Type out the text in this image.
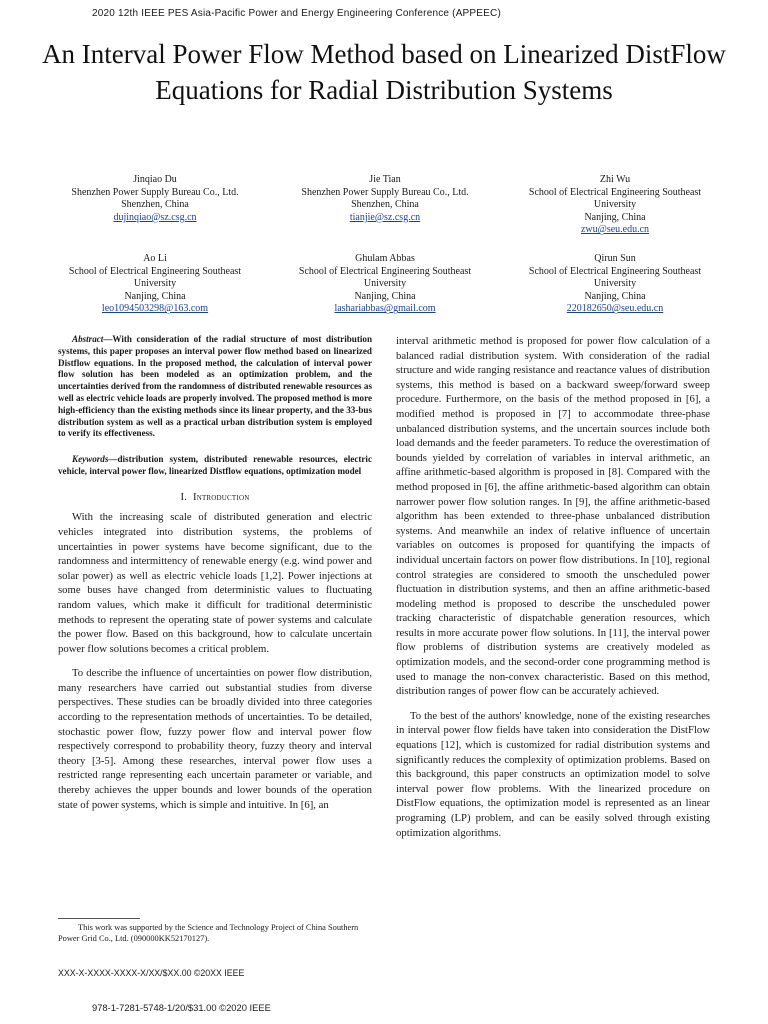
2020 12th IEEE PES Asia-Pacific Power and Energy Engineering Conference (APPEEC)
An Interval Power Flow Method based on Linearized DistFlow Equations for Radial Distribution Systems
Jinqiao Du
Shenzhen Power Supply Bureau Co., Ltd.
Shenzhen, China
dujinqiao@sz.csg.cn
Jie Tian
Shenzhen Power Supply Bureau Co., Ltd.
Shenzhen, China
tianjie@sz.csg.cn
Zhi Wu
School of Electrical Engineering Southeast University
Nanjing, China
zwu@seu.edu.cn
Ao Li
School of Electrical Engineering Southeast University
Nanjing, China
leo1094503298@163.com
Ghulam Abbas
School of Electrical Engineering Southeast University
Nanjing, China
lashariabbas@gmail.com
Qirun Sun
School of Electrical Engineering Southeast University
Nanjing, China
220182650@seu.edu.cn

Abstract—With consideration of the radial structure of most distribution systems, this paper proposes an interval power flow method based on linearized Distflow equations. In the proposed method, the calculation of interval power flow solution has been modeled as an optimization problem, and the uncertainties derived from the randomness of distributed renewable resources as well as electric vehicle loads are properly involved. The proposed method is more high-efficiency than the existing methods since its linear property, and the 33-bus distribution system as well as a practical urban distribution system is employed to verify its effectiveness.

Keywords—distribution system, distributed renewable resources, electric vehicle, interval power flow, linearized Distflow equations, optimization model

I. Introduction

With the increasing scale of distributed generation and electric vehicles integrated into distribution systems, the problems of uncertainties in power systems have become significant, due to the randomness and intermittency of renewable energy (e.g. wind power and solar power) as well as electric vehicle loads [1,2]. Power injections at some buses have changed from deterministic values to fluctuating random values, which make it difficult for traditional deterministic methods to represent the operating state of power systems and calculate the power flow. Based on this background, how to calculate uncertain power flow solutions becomes a critical problem.

To describe the influence of uncertainties on power flow distribution, many researchers have carried out substantial studies from diverse perspectives. These studies can be broadly divided into three categories according to the representation methods of uncertainties. To be detailed, stochastic power flow, fuzzy power flow and interval power flow respectively correspond to probability theory, fuzzy theory and interval theory [3-5]. Among these researches, interval power flow uses a restricted range representing each uncertain parameter or variable, and thereby achieves the upper bounds and lower bounds of the operation state of power systems, which is simple and intuitive. In [6], an

interval arithmetic method is proposed for power flow calculation of a balanced radial distribution system. With consideration of the radial structure and wide ranging resistance and reactance values of distribution systems, this method is based on a backward sweep/forward sweep procedure. Furthermore, on the basis of the method proposed in [6], a modified method is proposed in [7] to accommodate three-phase unbalanced distribution systems, and the uncertain sources include both load demands and the feeder parameters. To reduce the overestimation of bounds yielded by correlation of variables in interval arithmetic, an affine arithmetic-based algorithm is proposed in [8]. Compared with the method proposed in [6], the affine arithmetic-based algorithm can obtain narrower power flow solution ranges. In [9], the affine arithmetic-based algorithm has been extended to three-phase unbalanced distribution systems. And meanwhile an index of relative influence of uncertain variables on outcomes is proposed for quantifying the impacts of individual uncertain factors on power flow distributions. In [10], regional control strategies are considered to smooth the unscheduled power fluctuation in distribution systems, and then an affine arithmetic-based modeling method is proposed to describe the unscheduled power tracking characteristic of dispatchable generation resources, which results in more accurate power flow solutions. In [11], the interval power flow problems of distribution systems are creatively modeled as optimization models, and the second-order cone programming method is used to manage the non-convex characteristic. Based on this method, distribution ranges of power flow can be accurately achieved.

To the best of the authors' knowledge, none of the existing researches in interval power flow fields have taken into consideration the DistFlow equations [12], which is customized for radial distribution systems and significantly reduces the complexity of optimization problems. Based on this background, this paper constructs an optimization model to solve interval power flow problems. With the linearized procedure on DistFlow equations, the optimization model is represented as an linear programing (LP) problem, and can be easily solved through existing optimization algorithms.

This work was supported by the Science and Technology Project of China Southern Power Grid Co., Ltd. (090000KK52170127).
XXX-X-XXXX-XXXX-X/XX/$XX.00 ©20XX IEEE
978-1-7281-5748-1/20/$31.00 ©2020 IEEE
